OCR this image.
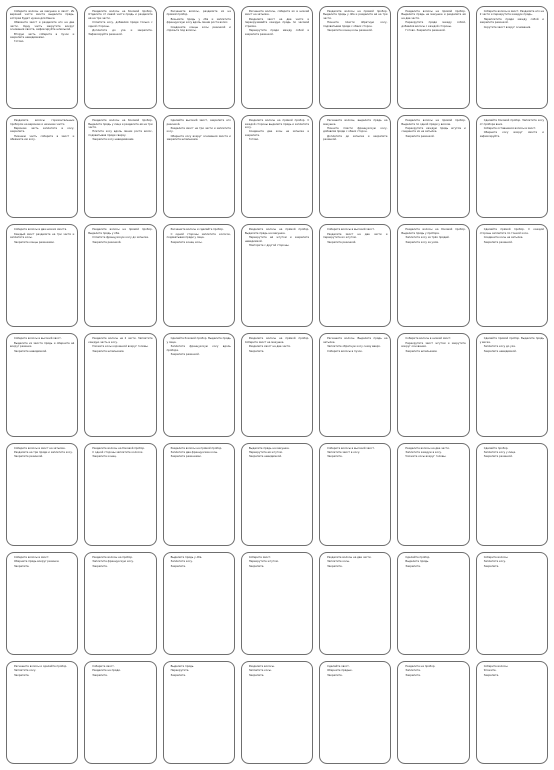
Соберите волосы на макушке в хвост. Из верхней части хвоста выделите прядь, которая будет нужна для банки.

Обвяжите хвост и разделите его на две части. Одну часть закрутите вокруг основания хвоста, зафиксируйте шпилькой.

Вторую часть соберите в пучок и закрепите невидимками.

Готово.

Разделите волосы на боковой пробор. Отделите от левой части прядь и разделите её на три части.

Сплетите косу, добавляя пряди только с одной стороны.

Доплетите до уха и закрепите. Зафиксируйте резинкой.

Расчешите волосы, разделите их на прямой пробор.

Возьмите прядь у лба и заплетите французскую косу вдоль линии роста волос.

Соедините концы косы резинкой и спрячьте под волосы.

Расчешите волосы, соберите их в низкий хвост на затылке.

Разделите хвост на две части и перекручивайте каждую прядь по часовой стрелке.

Перекрутите пряди между собой и закрепите резинкой.

Разделите волосы на прямой пробор. Выделите прядь у лба и разделите её на три части.

Начните плести обратную косу, подхватывая пряди с обеих сторон.

Закрепите конец косы резинкой.

Разделите волосы на прямой пробор. Выделите прядь на макушке и разделите её на две части.

Перекрутите пряди между собой, добавляя волосы с каждой стороны.

Готово. Закрепите резинкой.

Соберите волосы в хвост. Разделите его на 2 части и перекрутите каждую прядь.

Переплетите пряди между собой и закрепите резинкой.

Скрутите хвост вокруг основания.

Разделите волосы горизонтальным пробором на верхнюю и нижнюю части.

Верхнюю часть заплетите в косу, закрепите.

Нижнюю часть соберите в хвост и обвяжите им косу.

Разделите волосы на боковой пробор. Выделите прядь у лица и разделите её на три части.

Плетите косу вдоль линии роста волос, подхватывая пряди сверху.

Закрепите косу невидимками.

Сделайте высокий хвост, закрепите его резинкой.

Разделите хвост на три части и заплетите косу.

Оберните косу вокруг основания хвоста и закрепите шпильками.

Разделите волосы на прямой пробор. С каждой стороны выделите прядь и заплетите косу.

Соедините две косы на затылке и закрепите.

Готово.

Расчешите волосы, выделите прядь на макушке.

Начните плести французскую косу, добавляя пряди с обеих сторон.

Доплетите до затылка и закрепите резинкой.

Разделите волосы на прямой пробор. Выделите по одной пряди у висков.

Перекрутите каждую прядь жгутом и соедините их на затылке.

Закрепите резинкой.

Сделайте боковой пробор. Заплетите косу от пробора вниз.

Соберите оставшиеся волосы в хвост.

Оберните косу вокруг хвоста и зафиксируйте.

Соберите волосы в два низких хвоста.

Каждый хвост разделите на три части и заплетите косы.

Закрепите концы резинками.

Разделите волосы на прямой пробор. Выделите прядь у лба.

Сплетите французскую косу до затылка.

Закрепите резинкой.

Расчешите волосы и сделайте пробор.

С одной стороны заплетите колосок, подхватывая пряди у лица.

Закрепите конец косы.

Разделите волосы на прямой пробор. Выделите прядь на макушке.

Перекрутите её жгутом и закрепите невидимкой.

Повторите с другой стороны.

Соберите волосы в высокий хвост.

Разделите хвост на две части и перекрутите их жгутом.

Закрепите резинкой.

Разделите волосы на боковой пробор. Выделите прядь у пробора.

Заплетите косу из трёх прядей.

Закрепите косу за ухом.

Сделайте прямой пробор. С каждой стороны заплетите по тонкой косе.

Соедините косы на затылке.

Закрепите резинкой.

Соберите волосы в высокий хвост.

Выделите из хвоста прядь и оберните её вокруг резинки.

Закрепите невидимкой.

Разделите волосы на 2 части. Заплетите каждую часть в косу.

Уложите косы корзинкой вокруг головы.

Закрепите шпильками.

Сделайте боковой пробор. Выделите прядь у лица.

Заплетите французскую косу вдоль пробора.

Закрепите резинкой.

Разделите волосы на прямой пробор. Соберите хвост на макушке.

Разделите хвост на две части.

Закрепите.

Расчешите волосы. Выделите прядь на затылке.

Заплетите обратную косу снизу вверх.

Соберите волосы в пучок.

Соберите волосы в низкий хвост.

Перекрутите хвост жгутом и закрутите вокруг основания.

Закрепите шпильками.

Сделайте прямой пробор. Выделите прядь у виска.

Заплетите косу до уха.

Закрепите невидимкой.

Соберите волосы в хвост на затылке.

Разделите на три пряди и заплетите косу.

Закрепите резинкой.

Разделите волосы на боковой пробор.

С одной стороны заплетите колосок.

Закрепите конец.

Разделите волосы на прямой пробор.

Заплетите две французские косы.

Закрепите резинками.

Выделите прядь на макушке.

Перекрутите её жгутом.

Закрепите невидимкой.

Соберите волосы в высокий хвост.

Заплетите хвост в косу.

Закрепите.

Разделите волосы на две части.

Заплетите каждую в косу.

Уложите косы вокруг головы.

Сделайте пробор.

Заплетите косу у лица.

Закрепите резинкой.

Соберите волосы в хвост.

Оберните прядь вокруг резинки.

Закрепите.

Разделите волосы на пробор.

Заплетите французскую косу.

Закрепите.

Выделите прядь у лба.

Заплетите косу.

Закрепите.

Соберите хвост.

Перекрутите жгутом.

Закрепите.

Разделите волосы на две части.

Заплетите косы.

Закрепите.

Сделайте пробор.

Выделите прядь.

Закрепите.

Соберите волосы.

Заплетите косу.

Закрепите.

Расчешите волосы и сделайте пробор.

Заплетите косу.

Закрепите.

Соберите хвост.

Разделите на пряди.

Закрепите.

Выделите прядь.

Перекрутите.

Закрепите.

Разделите волосы.

Заплетите косы.

Закрепите.

Сделайте хвост.

Оберните прядью.

Закрепите.

Разделите на пробор.

Заплетите.

Закрепите.

Соберите волосы.

Уложите.

Закрепите.
